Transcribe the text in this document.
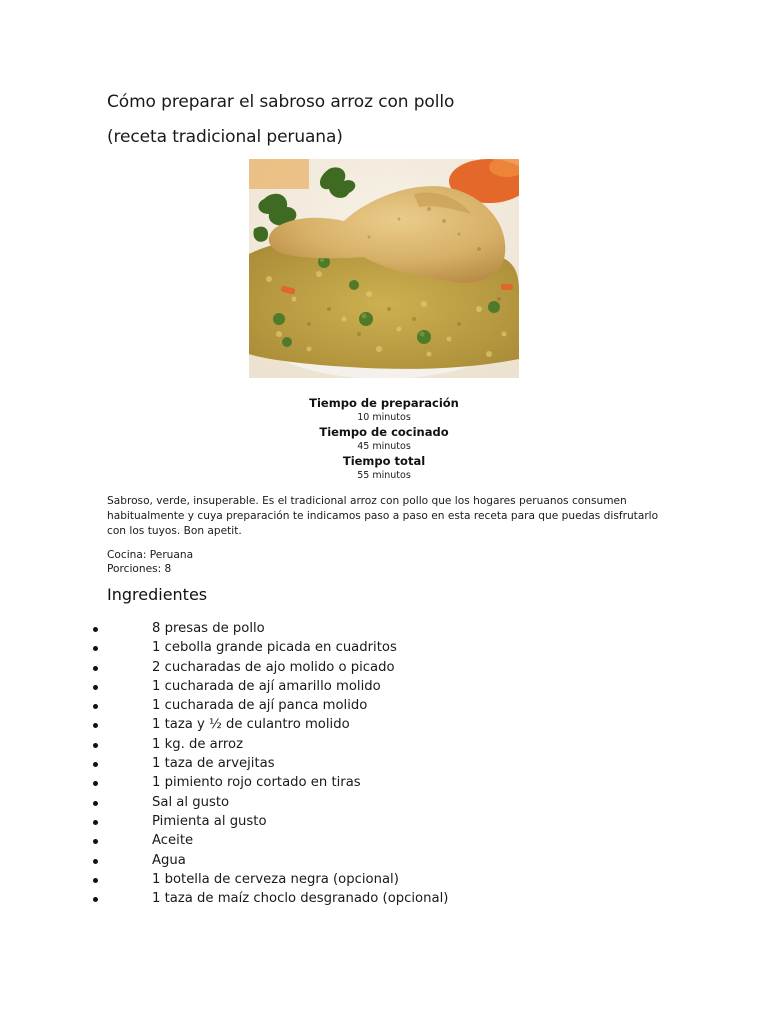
Cómo preparar el sabroso arroz con pollo
(receta tradicional peruana)
Tiempo de preparación
10 minutos
Tiempo de cocinado
45 minutos
Tiempo total
55 minutos
Sabroso, verde, insuperable. Es el tradicional arroz con pollo que los hogares peruanos consumen habitualmente y cuya preparación te indicamos paso a paso en esta receta para que puedas disfrutarlo con los tuyos. Bon apetit.
Cocina: Peruana
Porciones: 8
Ingredientes
8 presas de pollo
1 cebolla grande picada en cuadritos
2 cucharadas de ajo molido o picado
1 cucharada de ají amarillo molido
1 cucharada de ají panca molido
1 taza y ½ de culantro molido
1 kg. de arroz
1 taza de arvejitas
1 pimiento rojo cortado en tiras
Sal al gusto
Pimienta al gusto
Aceite
Agua
1 botella de cerveza negra (opcional)
1 taza de maíz choclo desgranado (opcional)
